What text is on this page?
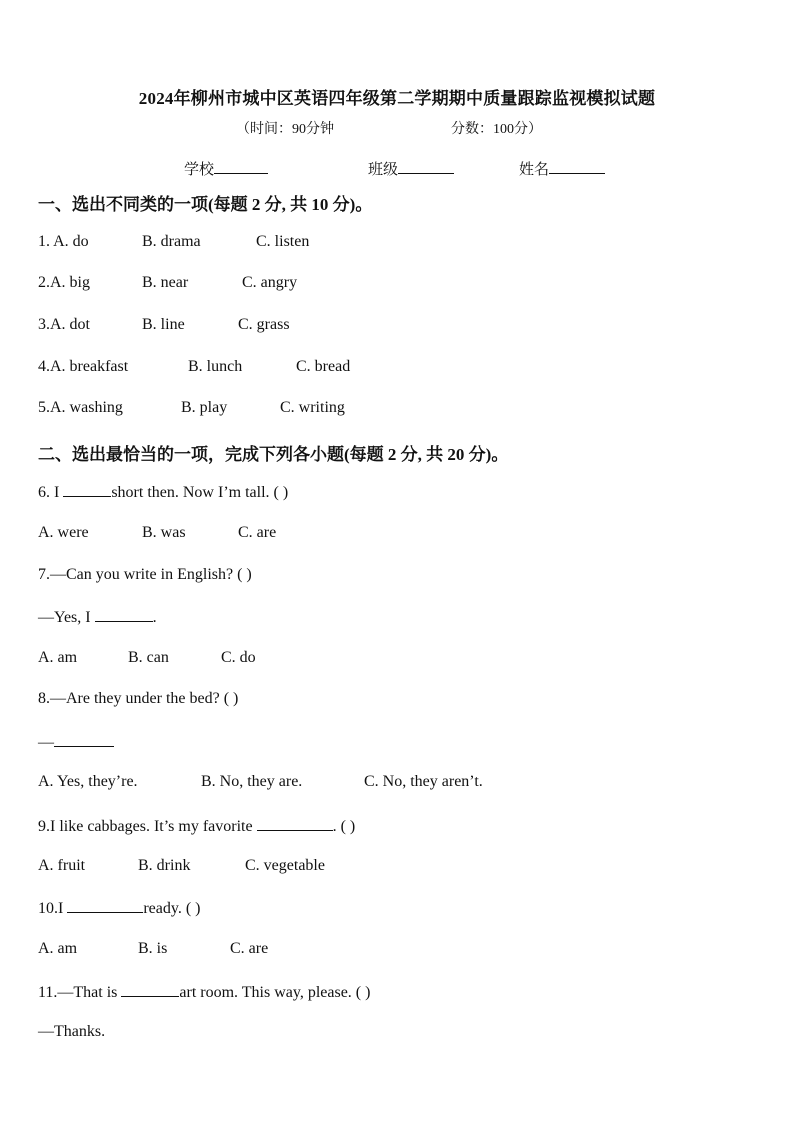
2024年柳州市城中区英语四年级第二学期期中质量跟踪监视模拟试题
（时间：90分钟	分数：100分）
学校	班级	姓名
一、选出不同类的一项(每题 2 分, 共 10 分)。
1. A. do	B. drama	C. listen
2.A. big	B. near	C. angry
3.A. dot	B. line	C. grass
4.A. breakfast	B. lunch	C. bread
5.A. washing	B. play	C. writing
二、选出最恰当的一项，完成下列各小题(每题 2 分, 共 20 分)。
6. I	short then. Now I’m tall. ( )
A. were	B. was	C. are
7.—Can you write in English? ( )
—Yes, I	.
A. am	B. can	C. do
8.—Are they under the bed? ( )
—
A. Yes, they’re.	B. No, they are.	C. No, they aren’t.
9.I like cabbages. It’s my favorite	. ( )
A. fruit	B. drink	C. vegetable
10.I	ready. ( )
A. am	B. is	C. are
11.—That is	art room. This way, please. ( )
—Thanks.
